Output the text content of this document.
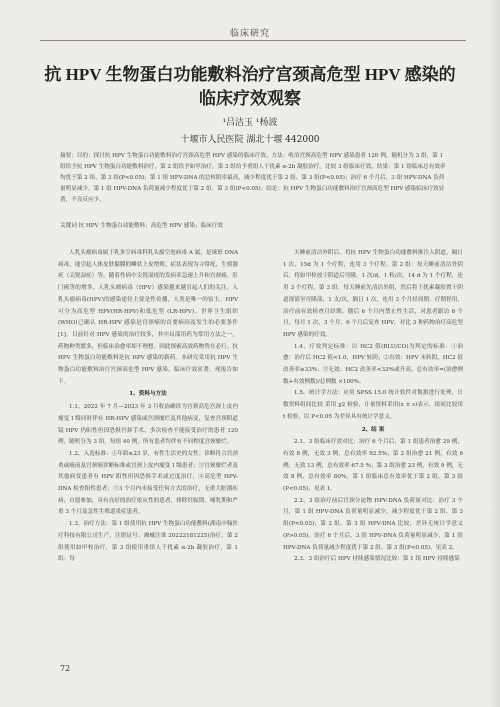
临床研究
抗 HPV 生物蛋白功能敷料治疗宫颈高危型 HPV 感染的
临床疗效观察
¹吕洁玉 ¹杨波
十堰市人民医院 湖北十堰 442000
摘要：目的：探讨抗 HPV 生物蛋白功能敷料治疗宫颈高危型 HPV 感染的临床疗效。方法：收治宫颈高危型 HPV 感染患者 120 例，随机分为 3 组，第 1 组给予抗 HPV 生物蛋白功能敷料治疗，第 2 组给予如甲治疗，第 3 组给予重组人干扰素 α-2b 凝胶治疗。比较 3 组临床疗效。结果：第 1 组临床总有效率均优于第 2 组、第 3 组(P<0.05)；第 1 组 HPV-DNA 的总转阴率最高，减少程度优于第 2 组、第 3 组(P<0.05)；治疗 6 个月后，3 组 HPV-DNA 负荷量明显减少，第 1 组 HPV-DNA 负荷量减少程度优于第 2 组、第 3 组(P<0.05)。结论：抗 HPV 生物蛋白功能敷料治疗宫颈高危型 HPV 感染临床疗效显著，不良反应少。
关键词 抗 HPV 生物蛋白功能敷料；高危型 HPV 感染；临床疗效

人乳头瘤病毒属于乳多空病毒科乳头瘤空泡病毒 A 属，是球形 DNA 病毒，能引起人体皮肤黏膜的鳞状上皮增殖。症状表现为寻常疣、生殖器疣（尖锐湿疣）等。随着性病中尖锐湿疣的发病率急速上升和宫颈癌、肛门癌等的增多，人乳头瘤病毒（HPV）感染越来越引起人们的关注。人乳头瘤病毒(HPV)的感染途径主要是性传播，人类是唯一的宿主。HPV 可分为高危型 HPV(HR-HPV)和低危型 (LR-HPV)。世界卫生组织(WHO)已确认 HR-HPV 感染是宫颈癌的首要病因及发生的必要条件[1]，目前针对 HPV 感染的治疗较多，其中局部用药为常用方法之一，药物种类繁多，但临床治愈率却不理想。因此探索高效药物势在必行。抗 HPV 生物蛋白功能敷料是抗 HPV 感染的新药。本研究采用抗 HPV 生物蛋白功能敷料治疗宫颈高危型 HPV 感染，临床疗效显著，现报告如下。

1、资料与方法

1.1、2022 年 7 月—2023 年 3 月收治确诊为宫颈高危宫颈上皮内瘤变 I 级同时伴有 HR-HPV 感染或宫颈糜烂及其他病变，复查宫颈阴道镜 HPV 仍阳性但因恐惧宫颈手术、多次检查不能接受治疗的患者 120 例，随机分为 3 组，每组 40 例，所有患者均伴有不同程度宫颈糜烂。

1.2、入选标准：①年龄≥23 岁，有性生活史的女性；诊断符合宫颈炎或癌前及宫颈癌诊断标准或宫颈上皮内瘤变 I 级患者；③宫颈糜烂者及其他病变患者有 HPV 阳性但因恐惧手术或过度治疗，④高危型 HPV-DNA 检查阳性患者；⑤3 个月内未接受任何方式的治疗，无重大脏器疾病，自愿参加，具有良好的治疗依从性的患者，排除妊娠期、哺乳期和严重 3 个月及急性生殖道炎症患者。

1.3、治疗方法：第 1 组使用抗 HPV 生物蛋白功能敷料(湖南中翰医疗科技有限公司生产，注册证号：湘械注准 20222181225)治疗，第 2 组使用如甲校治疗，第 3 组使用重组人干扰素 α-2b 凝胶治疗，第 1 组：每

天睡前清洁外阴后，将抗 HPV 生物蛋白功能敷料推注入阴道，隔日 1 次，15d 为 1 个疗程，连用 3 个疗程。第 2 组：每天睡前清洁外阴后，将如甲栓放于阴道后穹隆，1 次/d，1 粒/次，14 d 为 1 个疗程，连用 3 个疗程。第 3 组：每天睡前先清洁外阴，然后将干扰素凝胶置于阴道深部至穹隆部，1 支/次，隔日 1 次，连用 3 个月经周期。疗期停用，治疗前有效检查月经期、随后 6 个月内禁止性生活，对患者跟访 6 个月，每月 1 次，3 个月、6 个月后复查 HPV。对比 3 种药物治疗高危型 HPV 感染的疗效。

1.4、疗效判定标准：以 HC2 值(RLU/CO)为判定的标准：①治愈：治疗后 HC2 值<1.0，HPV 转阴；②有效：HPV 未转阴，HC2 值改善率≥33%；③无效：HC2 改善率<33%或升高。总有效率=(治愈例数+有效例数)/总例数 ×100%。

1.5、统计学方法：应用 SPSS 15.0 统计软件对数据进行处理，计数资料组间比较 采用 χ2 检验，计量资料采用(x ± s)表示，组间比较用 t 检验，以 P<0.05 为差异具有统计学意义。

2、结 果

2.1、3 组临床疗效对比：治疗 6 个月后，第 1 组患者治愈 29 例，有效 8 例，无效 3 例，总有效率 92.5%；第 2 组治愈 21 例，有效 6 例，无效 13 例，总有效率 67.5 %；第 3 组治愈 23 例，有效 9 例，无效 8 例，总有效率 80%，第 1 组临床总有效率优于第 2 组，第 3 组(P<0.05)，见表 1。

2.2、3 组治疗前后宫颈分泌物 HPV-DNA 负荷量对比：治疗 3 个月，第 1 组 HPV-DNA 负荷量明显减少，减少程度优于第 2 组、第 3 组(P<0.05)；第 2 组、第 3 组 HPV-DNA 比较，差异无统计学意义(P>0.05)。治疗 6 个月后，3 组 HPV-DNA 负荷量明显减少，第 1 组 HPV-DNA 负荷量减少程度优于第 2 组、第 3 组(P<0.05)，见表 2。

2.3、3 组治疗后 HPV 持续感染情况比较：第 1 组 HPV 持续感染

72
